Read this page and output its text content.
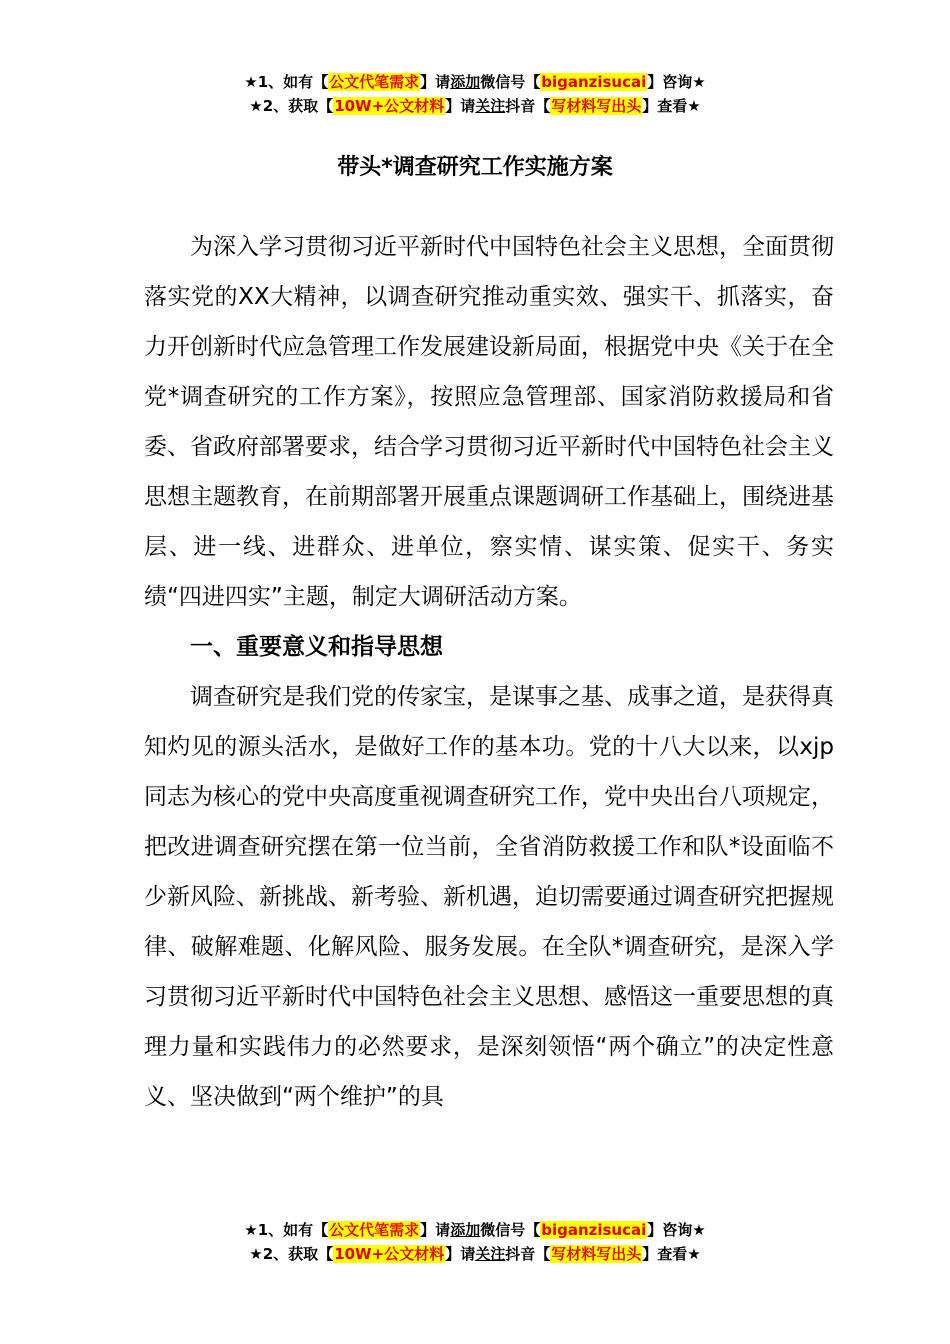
★1、如有【公文代笔需求】请添加微信号【biganzisucai】咨询★
★2、获取【10W+公文材料】请关注抖音【写材料写出头】查看★
带头*调查研究工作实施方案

为深入学习贯彻习近平新时代中国特色社会主义思想，全面贯彻落实党的XX大精神，以调查研究推动重实效、强实干、抓落实，奋力开创新时代应急管理工作发展建设新局面，根据党中央《关于在全党*调查研究的工作方案》，按照应急管理部、国家消防救援局和省委、省政府部署要求，结合学习贯彻习近平新时代中国特色社会主义思想主题教育，在前期部署开展重点课题调研工作基础上，围绕进基层、进一线、进群众、进单位，察实情、谋实策、促实干、务实绩“四进四实”主题，制定大调研活动方案。

一、重要意义和指导思想

调查研究是我们党的传家宝，是谋事之基、成事之道，是获得真知灼见的源头活水，是做好工作的基本功。党的十八大以来，以xjp同志为核心的党中央高度重视调查研究工作，党中央出台八项规定，把改进调查研究摆在第一位当前，全省消防救援工作和队*设面临不少新风险、新挑战、新考验、新机遇，迫切需要通过调查研究把握规律、破解难题、化解风险、服务发展。在全队*调查研究，是深入学习贯彻习近平新时代中国特色社会主义思想、感悟这一重要思想的真理力量和实践伟力的必然要求，是深刻领悟“两个确立”的决定性意义、坚决做到“两个维护”的具

★1、如有【公文代笔需求】请添加微信号【biganzisucai】咨询★
★2、获取【10W+公文材料】请关注抖音【写材料写出头】查看★
